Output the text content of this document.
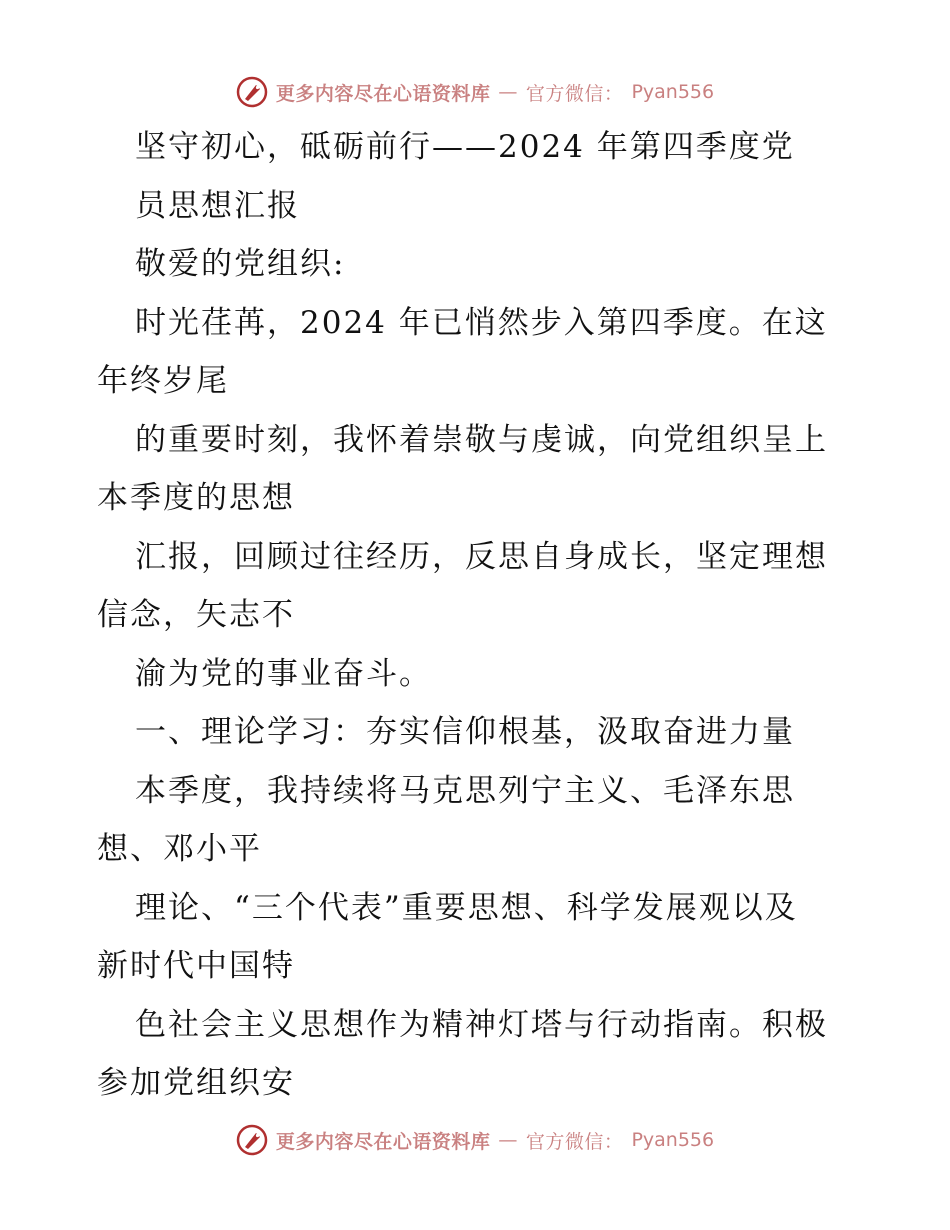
更多内容尽在心语资料库 — 官方微信： Pyan556
坚守初心，砥砺前行——2024 年第四季度党
员思想汇报
敬爱的党组织:
时光荏苒，2024 年已悄然步入第四季度。在这
年终岁尾
的重要时刻，我怀着崇敬与虔诚，向党组织呈上
本季度的思想
汇报，回顾过往经历，反思自身成长，坚定理想
信念，矢志不
渝为党的事业奋斗。
一、理论学习：夯实信仰根基，汲取奋进力量
本季度，我持续将马克思列宁主义、毛泽东思
想、邓小平
理论、“三个代表”重要思想、科学发展观以及
新时代中国特
色社会主义思想作为精神灯塔与行动指南。积极
参加党组织安
更多内容尽在心语资料库 — 官方微信： Pyan556
